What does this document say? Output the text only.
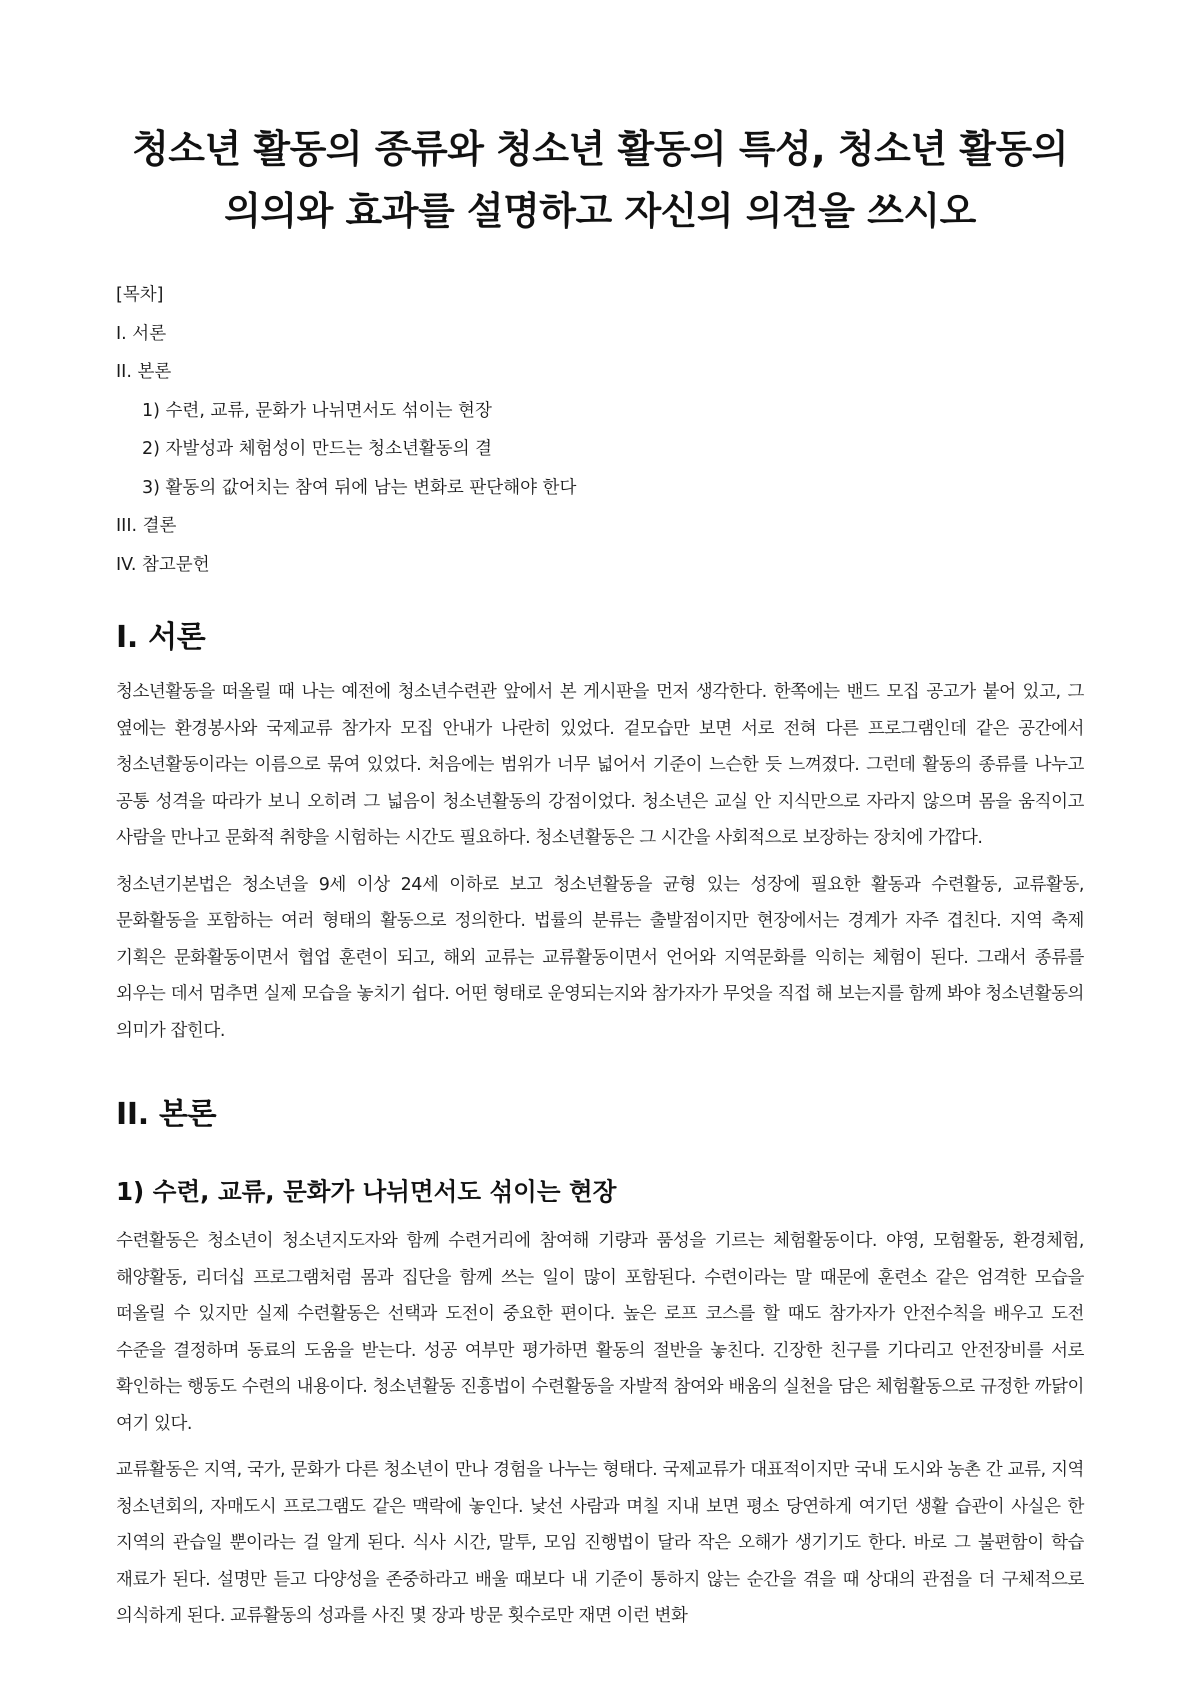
청소년 활동의 종류와 청소년 활동의 특성, 청소년 활동의 의의와 효과를 설명하고 자신의 의견을 쓰시오
[목차]
I. 서론
II. 본론
1) 수련, 교류, 문화가 나뉘면서도 섞이는 현장
2) 자발성과 체험성이 만드는 청소년활동의 결
3) 활동의 값어치는 참여 뒤에 남는 변화로 판단해야 한다
III. 결론
IV. 참고문헌
I. 서론

청소년활동을 떠올릴 때 나는 예전에 청소년수련관 앞에서 본 게시판을 먼저 생각한다. 한쪽에는 밴드 모집 공고가 붙어 있고, 그 옆에는 환경봉사와 국제교류 참가자 모집 안내가 나란히 있었다. 겉모습만 보면 서로 전혀 다른 프로그램인데 같은 공간에서 청소년활동이라는 이름으로 묶여 있었다. 처음에는 범위가 너무 넓어서 기준이 느슨한 듯 느껴졌다. 그런데 활동의 종류를 나누고 공통 성격을 따라가 보니 오히려 그 넓음이 청소년활동의 강점이었다. 청소년은 교실 안 지식만으로 자라지 않으며 몸을 움직이고 사람을 만나고 문화적 취향을 시험하는 시간도 필요하다. 청소년활동은 그 시간을 사회적으로 보장하는 장치에 가깝다.

청소년기본법은 청소년을 9세 이상 24세 이하로 보고 청소년활동을 균형 있는 성장에 필요한 활동과 수련활동, 교류활동, 문화활동을 포함하는 여러 형태의 활동으로 정의한다. 법률의 분류는 출발점이지만 현장에서는 경계가 자주 겹친다. 지역 축제 기획은 문화활동이면서 협업 훈련이 되고, 해외 교류는 교류활동이면서 언어와 지역문화를 익히는 체험이 된다. 그래서 종류를 외우는 데서 멈추면 실제 모습을 놓치기 쉽다. 어떤 형태로 운영되는지와 참가자가 무엇을 직접 해 보는지를 함께 봐야 청소년활동의 의미가 잡힌다.

II. 본론
1) 수련, 교류, 문화가 나뉘면서도 섞이는 현장

수련활동은 청소년이 청소년지도자와 함께 수련거리에 참여해 기량과 품성을 기르는 체험활동이다. 야영, 모험활동, 환경체험, 해양활동, 리더십 프로그램처럼 몸과 집단을 함께 쓰는 일이 많이 포함된다. 수련이라는 말 때문에 훈련소 같은 엄격한 모습을 떠올릴 수 있지만 실제 수련활동은 선택과 도전이 중요한 편이다. 높은 로프 코스를 할 때도 참가자가 안전수칙을 배우고 도전 수준을 결정하며 동료의 도움을 받는다. 성공 여부만 평가하면 활동의 절반을 놓친다. 긴장한 친구를 기다리고 안전장비를 서로 확인하는 행동도 수련의 내용이다. 청소년활동 진흥법이 수련활동을 자발적 참여와 배움의 실천을 담은 체험활동으로 규정한 까닭이 여기 있다.

교류활동은 지역, 국가, 문화가 다른 청소년이 만나 경험을 나누는 형태다. 국제교류가 대표적이지만 국내 도시와 농촌 간 교류, 지역 청소년회의, 자매도시 프로그램도 같은 맥락에 놓인다. 낯선 사람과 며칠 지내 보면 평소 당연하게 여기던 생활 습관이 사실은 한 지역의 관습일 뿐이라는 걸 알게 된다. 식사 시간, 말투, 모임 진행법이 달라 작은 오해가 생기기도 한다. 바로 그 불편함이 학습 재료가 된다. 설명만 듣고 다양성을 존중하라고 배울 때보다 내 기준이 통하지 않는 순간을 겪을 때 상대의 관점을 더 구체적으로 의식하게 된다. 교류활동의 성과를 사진 몇 장과 방문 횟수로만 재면 이런 변화
